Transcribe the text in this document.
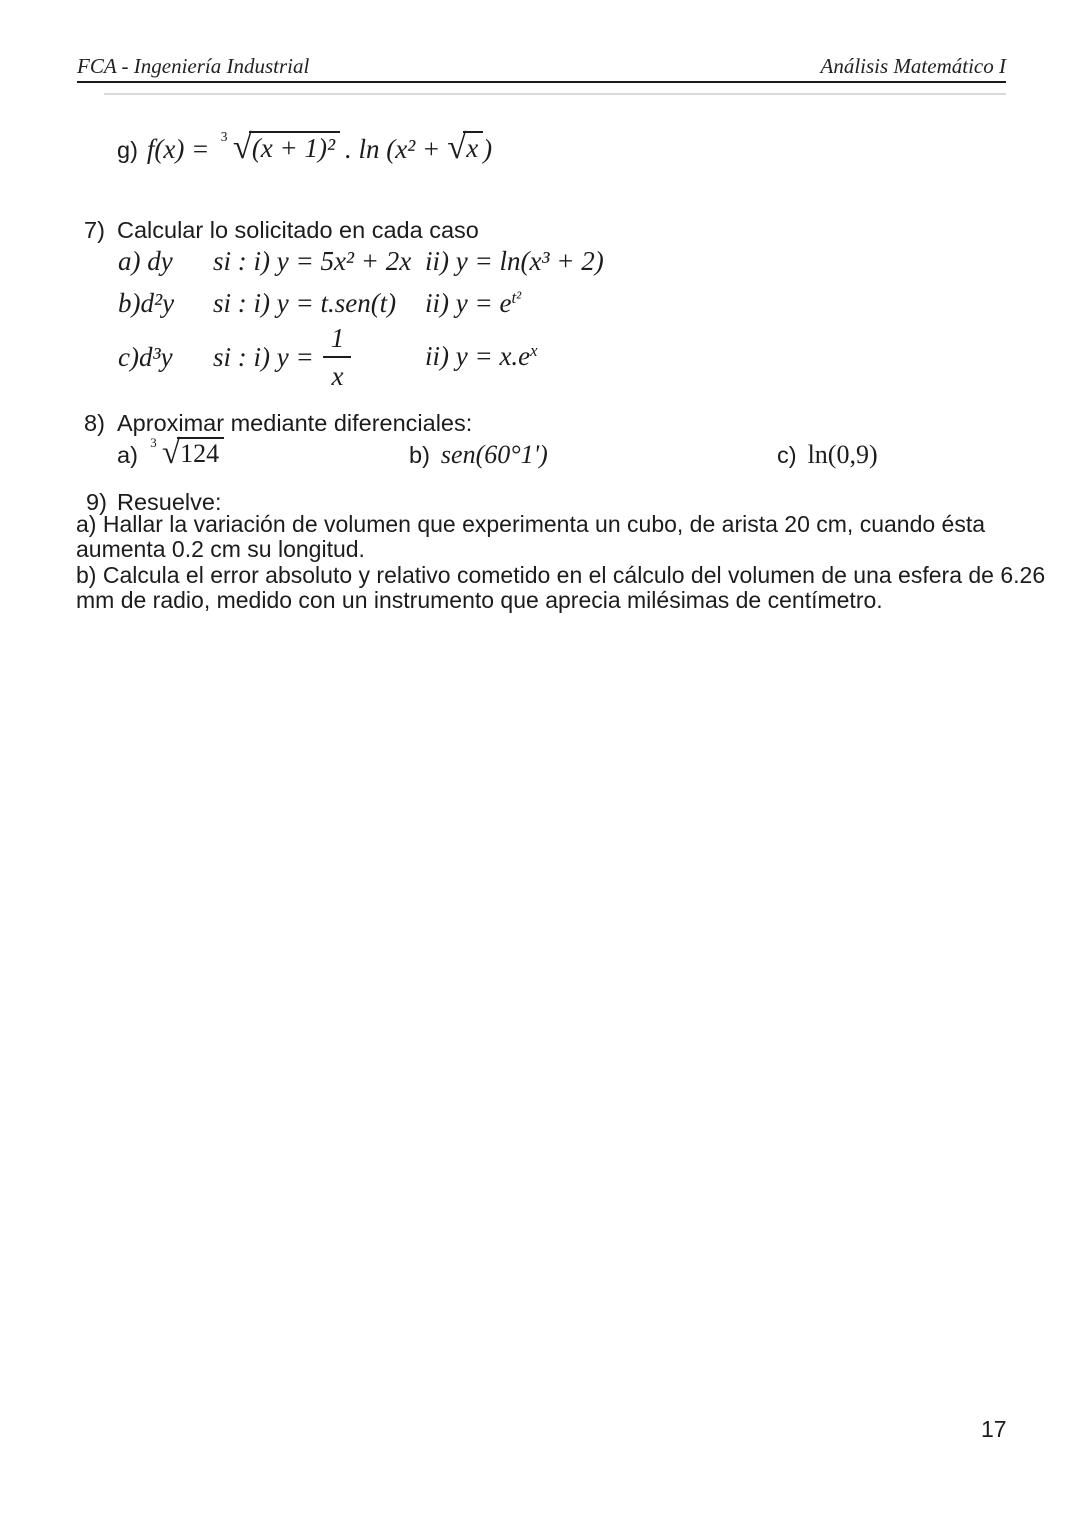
FCA - Ingeniería Industrial	Análisis Matemático I
g) f(x) = 3 √ (x + 1)² . ln (x² + √ x )
7) Calcular lo solicitado en cada caso
a) dy	si : i) y = 5x² + 2x ii) y = ln(x³ + 2)
b)d²y	si : i) y = t.sen(t)	ii) $y = e^{t^2}$
c)d³y	si : i) $y = \frac{1}{x}$	ii) $y = x.e^x$
8) Aproximar mediante diferenciales:
a) 3 √ 124	b) sen(60°1')	c) ln(0,9)
9) Resuelve:
a) Hallar la variación de volumen que experimenta un cubo, de arista 20 cm, cuando ésta
aumenta 0.2 cm su longitud.
b) Calcula el error absoluto y relativo cometido en el cálculo del volumen de una esfera de 6.26
mm de radio, medido con un instrumento que aprecia milésimas de centímetro.
17
